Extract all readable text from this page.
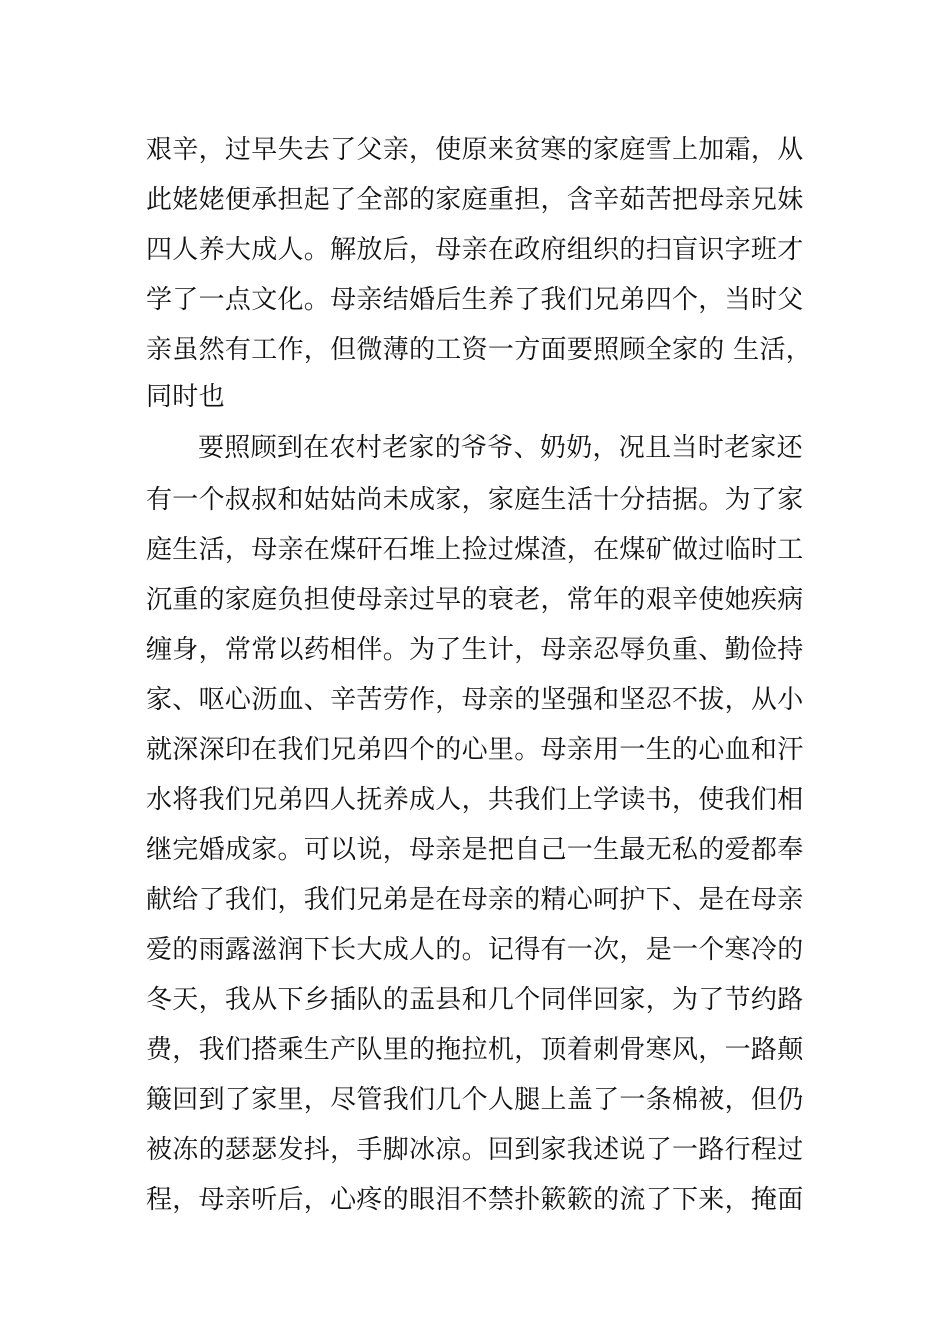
艰辛，过早失去了父亲，使原来贫寒的家庭雪上加霜，从
此姥姥便承担起了全部的家庭重担，含辛茹苦把母亲兄妹
四人养大成人。解放后，母亲在政府组织的扫盲识字班才
学了一点文化。母亲结婚后生养了我们兄弟四个，当时父
亲虽然有工作，但微薄的工资一方面要照顾全家的 生活，
同时也
要照顾到在农村老家的爷爷、奶奶，况且当时老家还
有一个叔叔和姑姑尚未成家，家庭生活十分拮据。为了家
庭生活，母亲在煤矸石堆上捡过煤渣，在煤矿做过临时工
沉重的家庭负担使母亲过早的衰老，常年的艰辛使她疾病
缠身，常常以药相伴。为了生计，母亲忍辱负重、勤俭持
家、呕心沥血、辛苦劳作，母亲的坚强和坚忍不拔，从小
就深深印在我们兄弟四个的心里。母亲用一生的心血和汗
水将我们兄弟四人抚养成人，共我们上学读书，使我们相
继完婚成家。可以说，母亲是把自己一生最无私的爱都奉
献给了我们，我们兄弟是在母亲的精心呵护下、是在母亲
爱的雨露滋润下长大成人的。记得有一次，是一个寒冷的
冬天，我从下乡插队的盂县和几个同伴回家，为了节约路
费，我们搭乘生产队里的拖拉机，顶着刺骨寒风，一路颠
簸回到了家里，尽管我们几个人腿上盖了一条棉被，但仍
被冻的瑟瑟发抖，手脚冰凉。回到家我述说了一路行程过
程，母亲听后，心疼的眼泪不禁扑簌簌的流了下来，掩面
